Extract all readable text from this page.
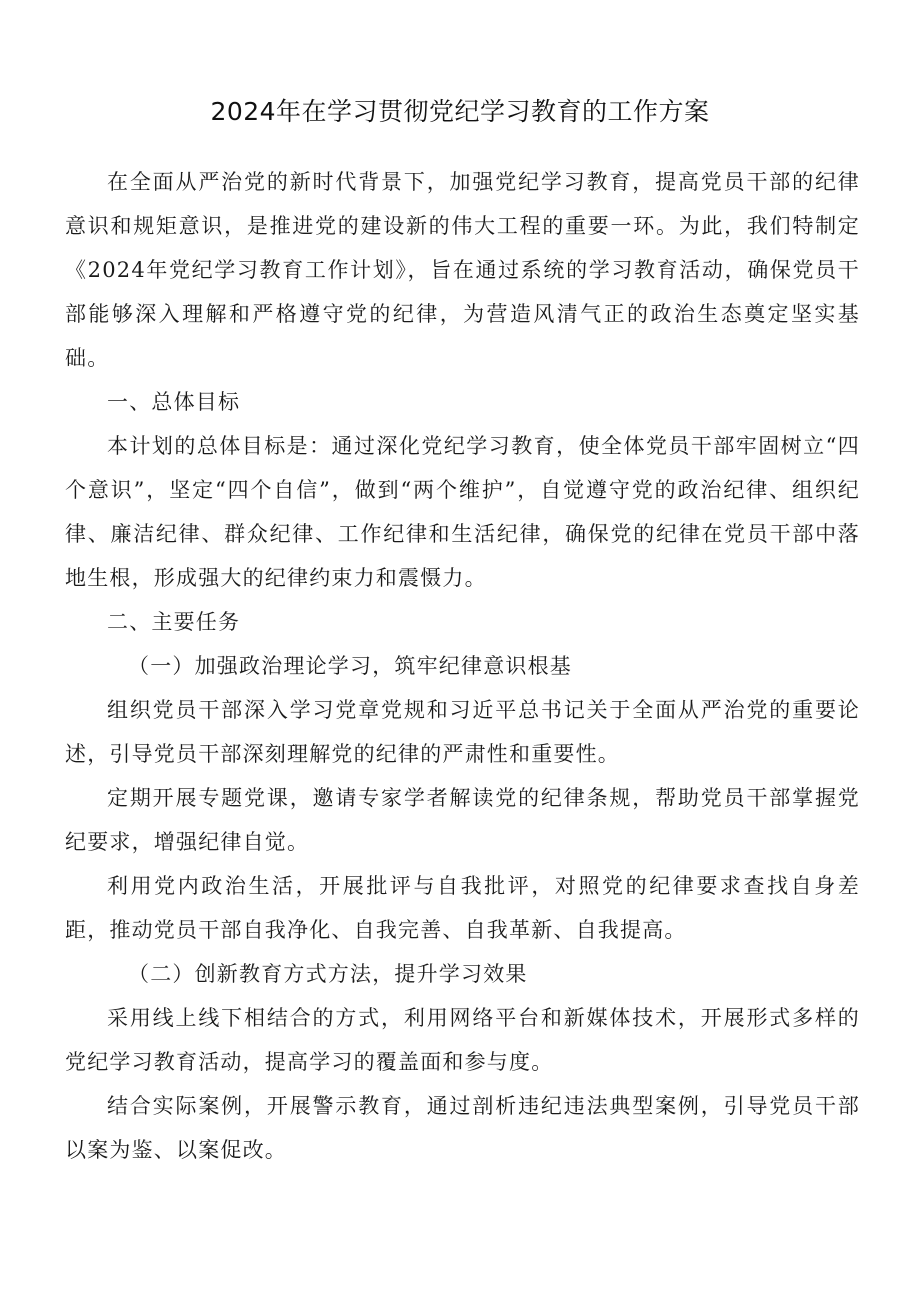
2024年在学习贯彻党纪学习教育的工作方案

在全面从严治党的新时代背景下，加强党纪学习教育，提高党员干部的纪律意识和规矩意识，是推进党的建设新的伟大工程的重要一环。为此，我们特制定《2024年党纪学习教育工作计划》，旨在通过系统的学习教育活动，确保党员干部能够深入理解和严格遵守党的纪律，为营造风清气正的政治生态奠定坚实基础。

一、总体目标

本计划的总体目标是：通过深化党纪学习教育，使全体党员干部牢固树立“四个意识”，坚定“四个自信”，做到“两个维护”，自觉遵守党的政治纪律、组织纪律、廉洁纪律、群众纪律、工作纪律和生活纪律，确保党的纪律在党员干部中落地生根，形成强大的纪律约束力和震慑力。

二、主要任务

（一）加强政治理论学习，筑牢纪律意识根基

组织党员干部深入学习党章党规和习近平总书记关于全面从严治党的重要论述，引导党员干部深刻理解党的纪律的严肃性和重要性。

定期开展专题党课，邀请专家学者解读党的纪律条规，帮助党员干部掌握党纪要求，增强纪律自觉。

利用党内政治生活，开展批评与自我批评，对照党的纪律要求查找自身差距，推动党员干部自我净化、自我完善、自我革新、自我提高。

（二）创新教育方式方法，提升学习效果

采用线上线下相结合的方式，利用网络平台和新媒体技术，开展形式多样的党纪学习教育活动，提高学习的覆盖面和参与度。

结合实际案例，开展警示教育，通过剖析违纪违法典型案例，引导党员干部以案为鉴、以案促改。
